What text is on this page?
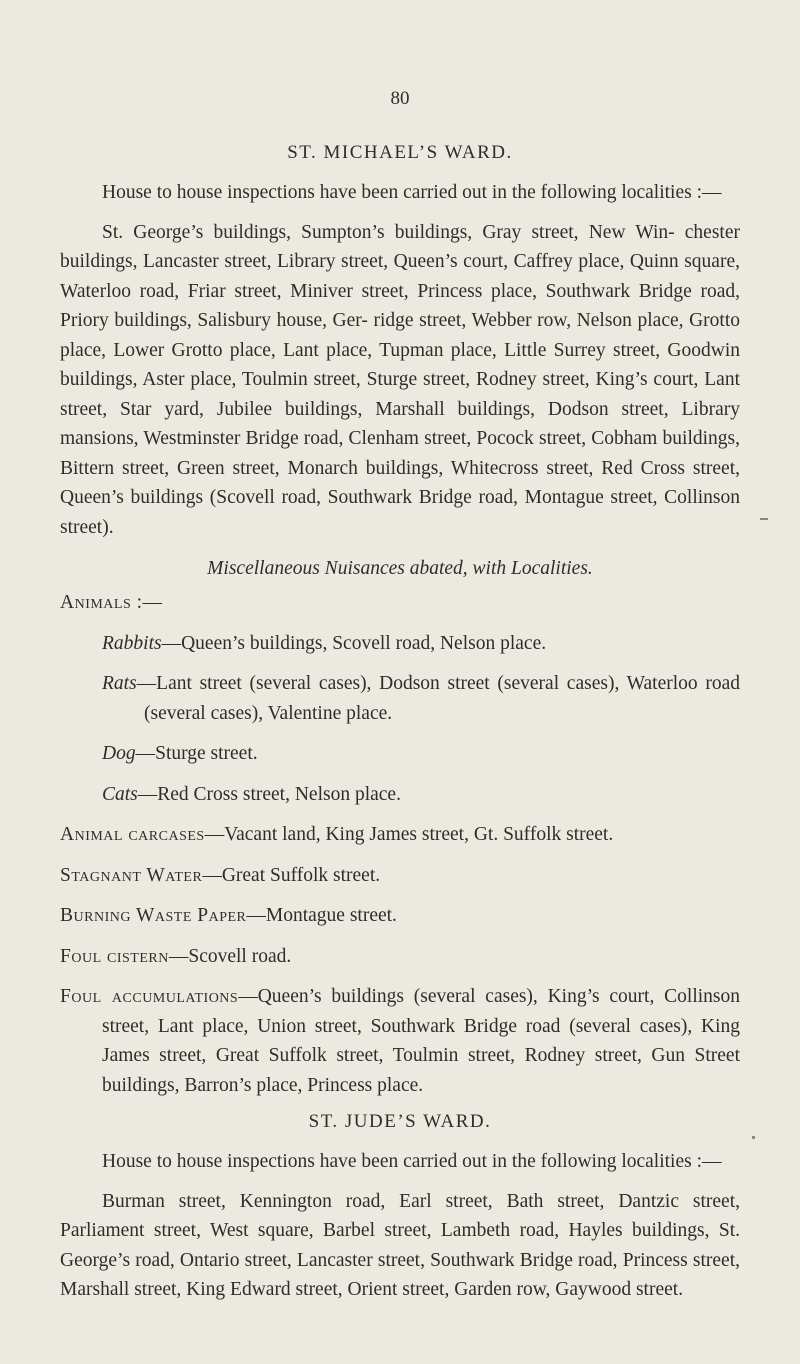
80
ST. MICHAEL’S WARD.

House to house inspections have been carried out in the following localities :—

St. George’s buildings, Sumpton’s buildings, Gray street, New Win- chester buildings, Lancaster street, Library street, Queen’s court, Caffrey place, Quinn square, Waterloo road, Friar street, Miniver street, Princess place, Southwark Bridge road, Priory buildings, Salisbury house, Ger- ridge street, Webber row, Nelson place, Grotto place, Lower Grotto place, Lant place, Tupman place, Little Surrey street, Goodwin buildings, Aster place, Toulmin street, Sturge street, Rodney street, King’s court, Lant street, Star yard, Jubilee buildings, Marshall buildings, Dodson street, Library mansions, Westminster Bridge road, Clenham street, Pocock street, Cobham buildings, Bittern street, Green street, Monarch buildings, Whitecross street, Red Cross street, Queen’s buildings (Scovell road, Southwark Bridge road, Montague street, Collinson street).

Miscellaneous Nuisances abated, with Localities.

Animals :—

Rabbits—Queen’s buildings, Scovell road, Nelson place.

Rats—Lant street (several cases), Dodson street (several cases), Waterloo road (several cases), Valentine place.

Dog—Sturge street.

Cats—Red Cross street, Nelson place.

Animal carcases—Vacant land, King James street, Gt. Suffolk street.

Stagnant Water—Great Suffolk street.

Burning Waste Paper—Montague street.

Foul cistern—Scovell road.

Foul accumulations—Queen’s buildings (several cases), King’s court, Collinson street, Lant place, Union street, Southwark Bridge road (several cases), King James street, Great Suffolk street, Toulmin street, Rodney street, Gun Street buildings, Barron’s place, Princess place.

ST. JUDE’S WARD.

House to house inspections have been carried out in the following localities :—

Burman street, Kennington road, Earl street, Bath street, Dantzic street, Parliament street, West square, Barbel street, Lambeth road, Hayles buildings, St. George’s road, Ontario street, Lancaster street, Southwark Bridge road, Princess street, Marshall street, King Edward street, Orient street, Garden row, Gaywood street.
